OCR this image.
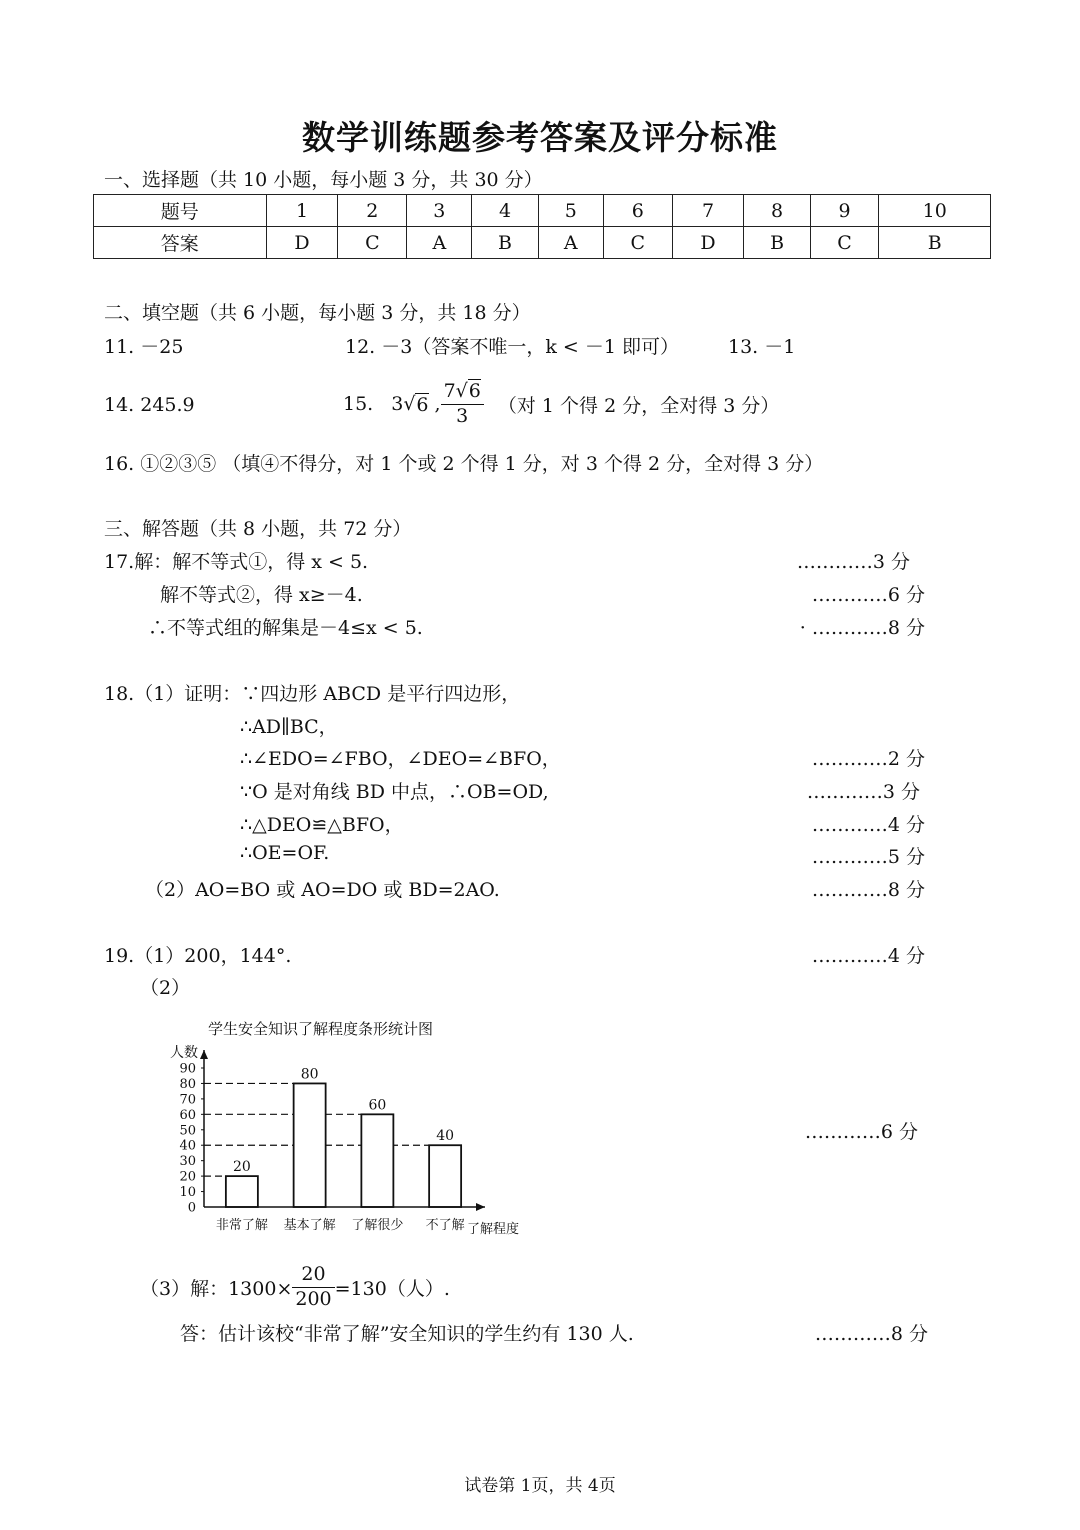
数学训练题参考答案及评分标准
一、选择题（共 10 小题，每小题 3 分，共 30 分）
题号	1	2	3	4	5	6	7	8	9	10
答案	D	C	A	B	A	C	D	B	C	B
二、填空题（共 6 小题，每小题 3 分，共 18 分）
11. －25	12. －3（答案不唯一，k < －1 即可）	13. －1
14. 245.9	15. 3 √ 6 , $\frac{7√6}{3}$ （对 1 个得 2 分，全对得 3 分）
16. ①②③⑤ （填④不得分，对 1 个或 2 个得 1 分，对 3 个得 2 分，全对得 3 分）
三、解答题（共 8 小题，共 72 分）
17.解：解不等式①，得 x < 5.	…………3 分
解不等式②，得 x≥－4.	…………6 分
∴不等式组的解集是－4≤x < 5.	· …………8 分
18.（1）证明：∵四边形 ABCD 是平行四边形，
∴AD∥BC，
∴∠EDO=∠FBO，∠DEO=∠BFO，	…………2 分
∵O 是对角线 BD 中点，∴OB=OD,	…………3 分
∴△DEO≌△BFO，	…………4 分
∴OE=OF.	…………5 分
（2）AO=BO 或 AO=DO 或 BD=2AO.	…………8 分
19.（1）200，144°.	…………4 分
（2）
…………6 分
学生安全知识了解程度条形统计图
人数
了解程度
0
10
20
30
40
50
60
70
80
90
20
非常了解
80
基本了解
60
了解很少
40
不了解
（3）解：$1300\times \frac{20}{200} =130$（人）.
答：估计该校“非常了解”安全知识的学生约有 130 人.	…………8 分
试卷第 1页，共 4页
